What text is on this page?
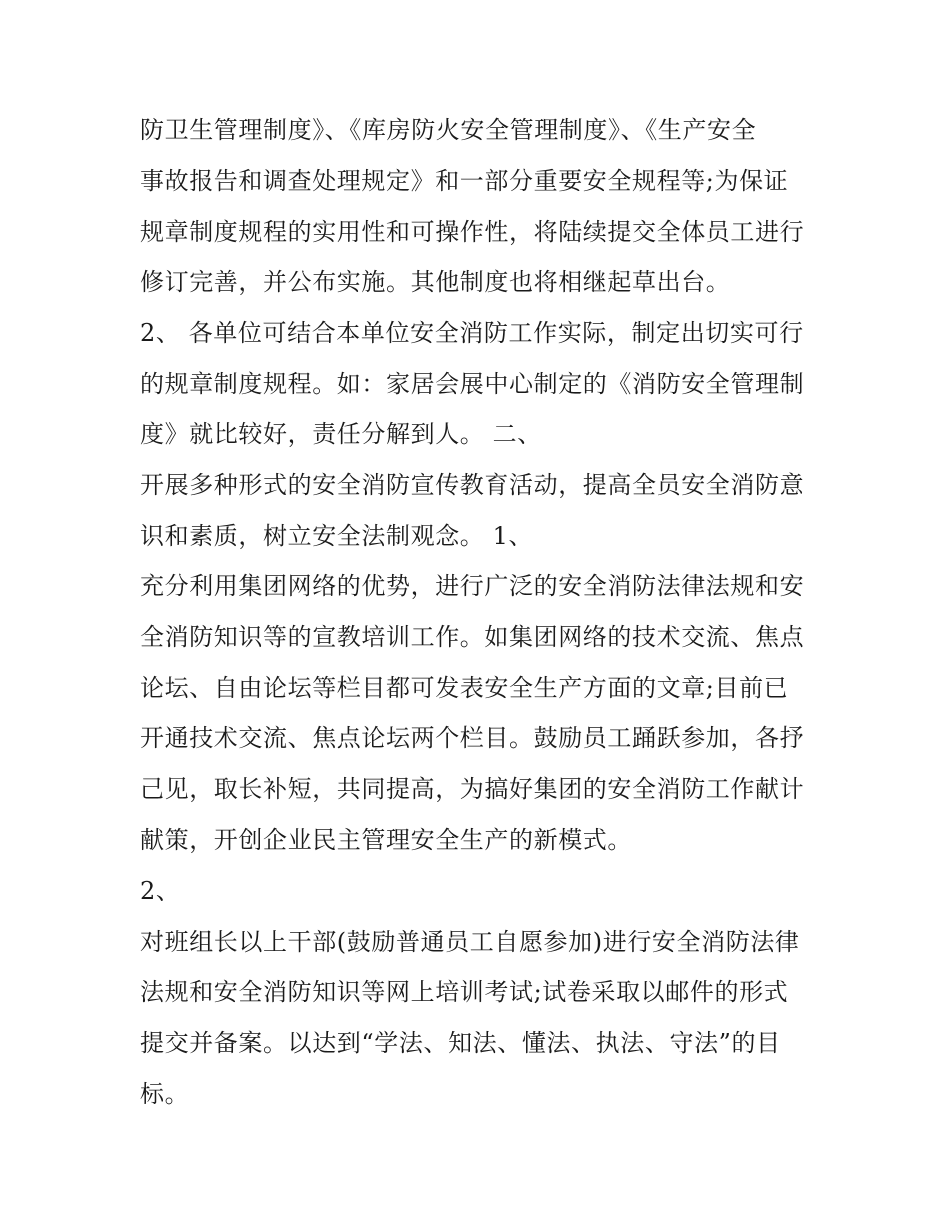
防卫生管理制度》、《库房防火安全管理制度》、《生产安全
事故报告和调查处理规定》和一部分重要安全规程等;为保证
规章制度规程的实用性和可操作性，将陆续提交全体员工进行
修订完善，并公布实施。其他制度也将相继起草出台。
2、 各单位可结合本单位安全消防工作实际，制定出切实可行
的规章制度规程。如：家居会展中心制定的《消防安全管理制
度》就比较好，责任分解到人。 二、
开展多种形式的安全消防宣传教育活动，提高全员安全消防意
识和素质，树立安全法制观念。 1、
充分利用集团网络的优势，进行广泛的安全消防法律法规和安
全消防知识等的宣教培训工作。如集团网络的技术交流、焦点
论坛、自由论坛等栏目都可发表安全生产方面的文章;目前已
开通技术交流、焦点论坛两个栏目。鼓励员工踊跃参加，各抒
己见，取长补短，共同提高，为搞好集团的安全消防工作献计
献策，开创企业民主管理安全生产的新模式。
2、
对班组长以上干部(鼓励普通员工自愿参加)进行安全消防法律
法规和安全消防知识等网上培训考试;试卷采取以邮件的形式
提交并备案。以达到“学法、知法、懂法、执法、守法”的目
标。
